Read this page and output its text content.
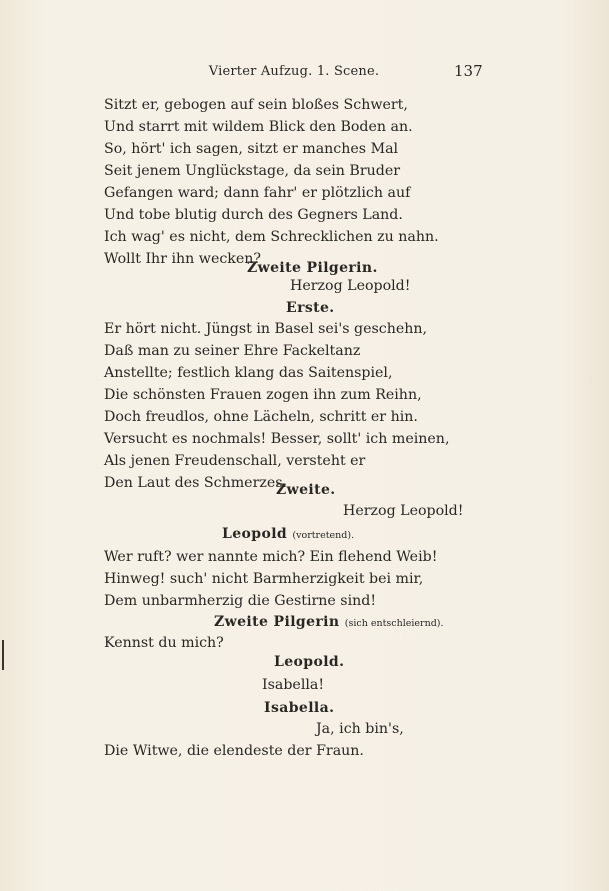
Vierter Aufzug. 1. Scene.	137
Sitzt er, gebogen auf sein bloßes Schwert,
Und starrt mit wildem Blick den Boden an.
So, hört' ich sagen, sitzt er manches Mal
Seit jenem Unglückstage, da sein Bruder
Gefangen ward; dann fahr' er plötzlich auf
Und tobe blutig durch des Gegners Land.
Ich wag' es nicht, dem Schrecklichen zu nahn.
Wollt Ihr ihn wecken?
Zweite Pilgerin.
Herzog Leopold!
Erste.
Er hört nicht. Jüngst in Basel sei's geschehn,
Daß man zu seiner Ehre Fackeltanz
Anstellte; festlich klang das Saitenspiel,
Die schönsten Frauen zogen ihn zum Reihn,
Doch freudlos, ohne Lächeln, schritt er hin.
Versucht es nochmals! Besser, sollt' ich meinen,
Als jenen Freudenschall, versteht er
Den Laut des Schmerzes.
Zweite.
Herzog Leopold!
Leopold (vortretend).
Wer ruft? wer nannte mich? Ein flehend Weib!
Hinweg! such' nicht Barmherzigkeit bei mir,
Dem unbarmherzig die Gestirne sind!
Zweite Pilgerin (sich entschleiernd).
Kennst du mich?
Leopold.
Isabella!
Isabella.
Ja, ich bin's,
Die Witwe, die elendeste der Fraun.
